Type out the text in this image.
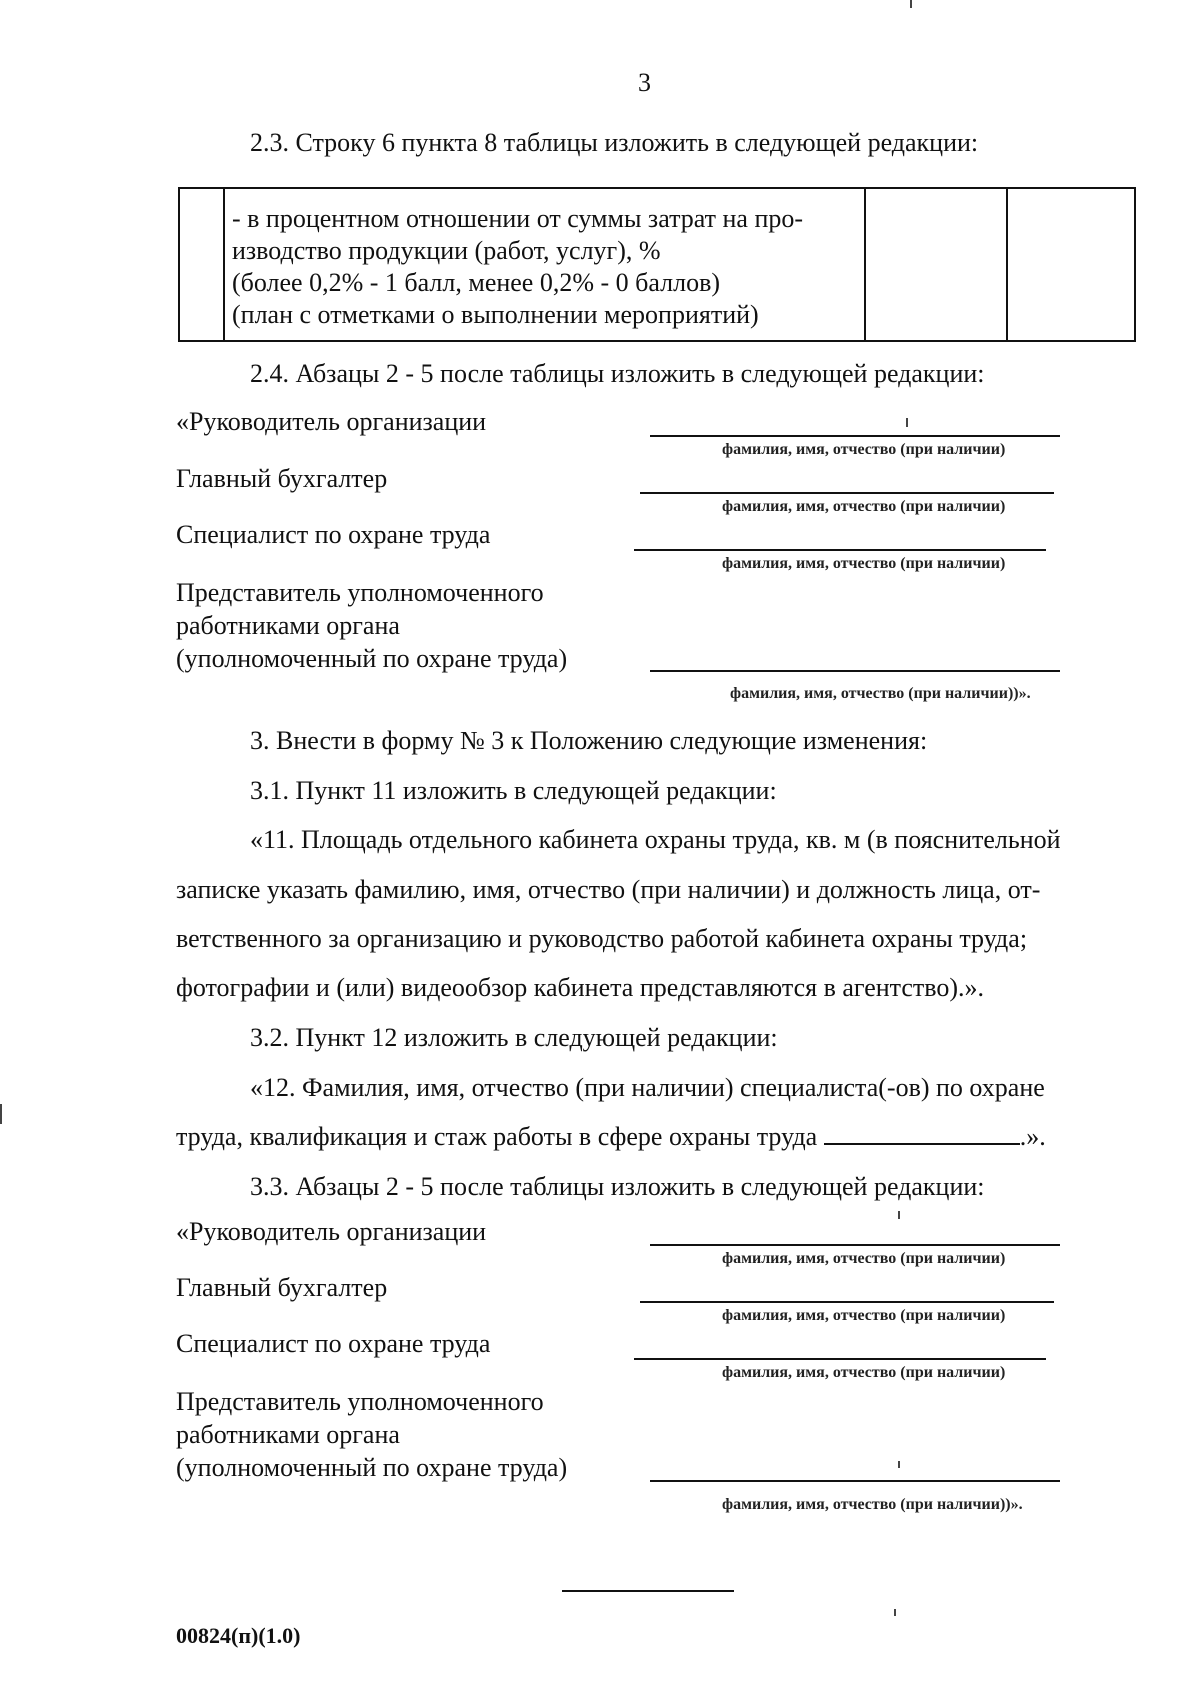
3
2.3. Строку 6 пункта 8 таблицы изложить в следующей редакции:
- в процентном отношении от суммы затрат на про-
изводство продукции (работ, услуг), %
(более 0,2% - 1 балл, менее 0,2% - 0 баллов)
(план с отметками о выполнении мероприятий)
2.4. Абзацы 2 - 5 после таблицы изложить в следующей редакции:
«Руководитель организации
фамилия, имя, отчество (при наличии)
Главный бухгалтер
фамилия, имя, отчество (при наличии)
Специалист по охране труда
фамилия, имя, отчество (при наличии)
Представитель уполномоченного
работниками органа
(уполномоченный по охране труда)
фамилия, имя, отчество (при наличии))».
3. Внести в форму № 3 к Положению следующие изменения:
3.1. Пункт 11 изложить в следующей редакции:
«11. Площадь отдельного кабинета охраны труда, кв. м (в пояснительной
записке указать фамилию, имя, отчество (при наличии) и должность лица, от-
ветственного за организацию и руководство работой кабинета охраны труда;
фотографии и (или) видеообзор кабинета представляются в агентство).».
3.2. Пункт 12 изложить в следующей редакции:
«12. Фамилия, имя, отчество (при наличии) специалиста(-ов) по охране
труда, квалификация и стаж работы в сфере охраны труда	.».
3.3. Абзацы 2 - 5 после таблицы изложить в следующей редакции:
«Руководитель организации
фамилия, имя, отчество (при наличии)
Главный бухгалтер
фамилия, имя, отчество (при наличии)
Специалист по охране труда
фамилия, имя, отчество (при наличии)
Представитель уполномоченного
работниками органа
(уполномоченный по охране труда)
фамилия, имя, отчество (при наличии))».
00824(п)(1.0)
